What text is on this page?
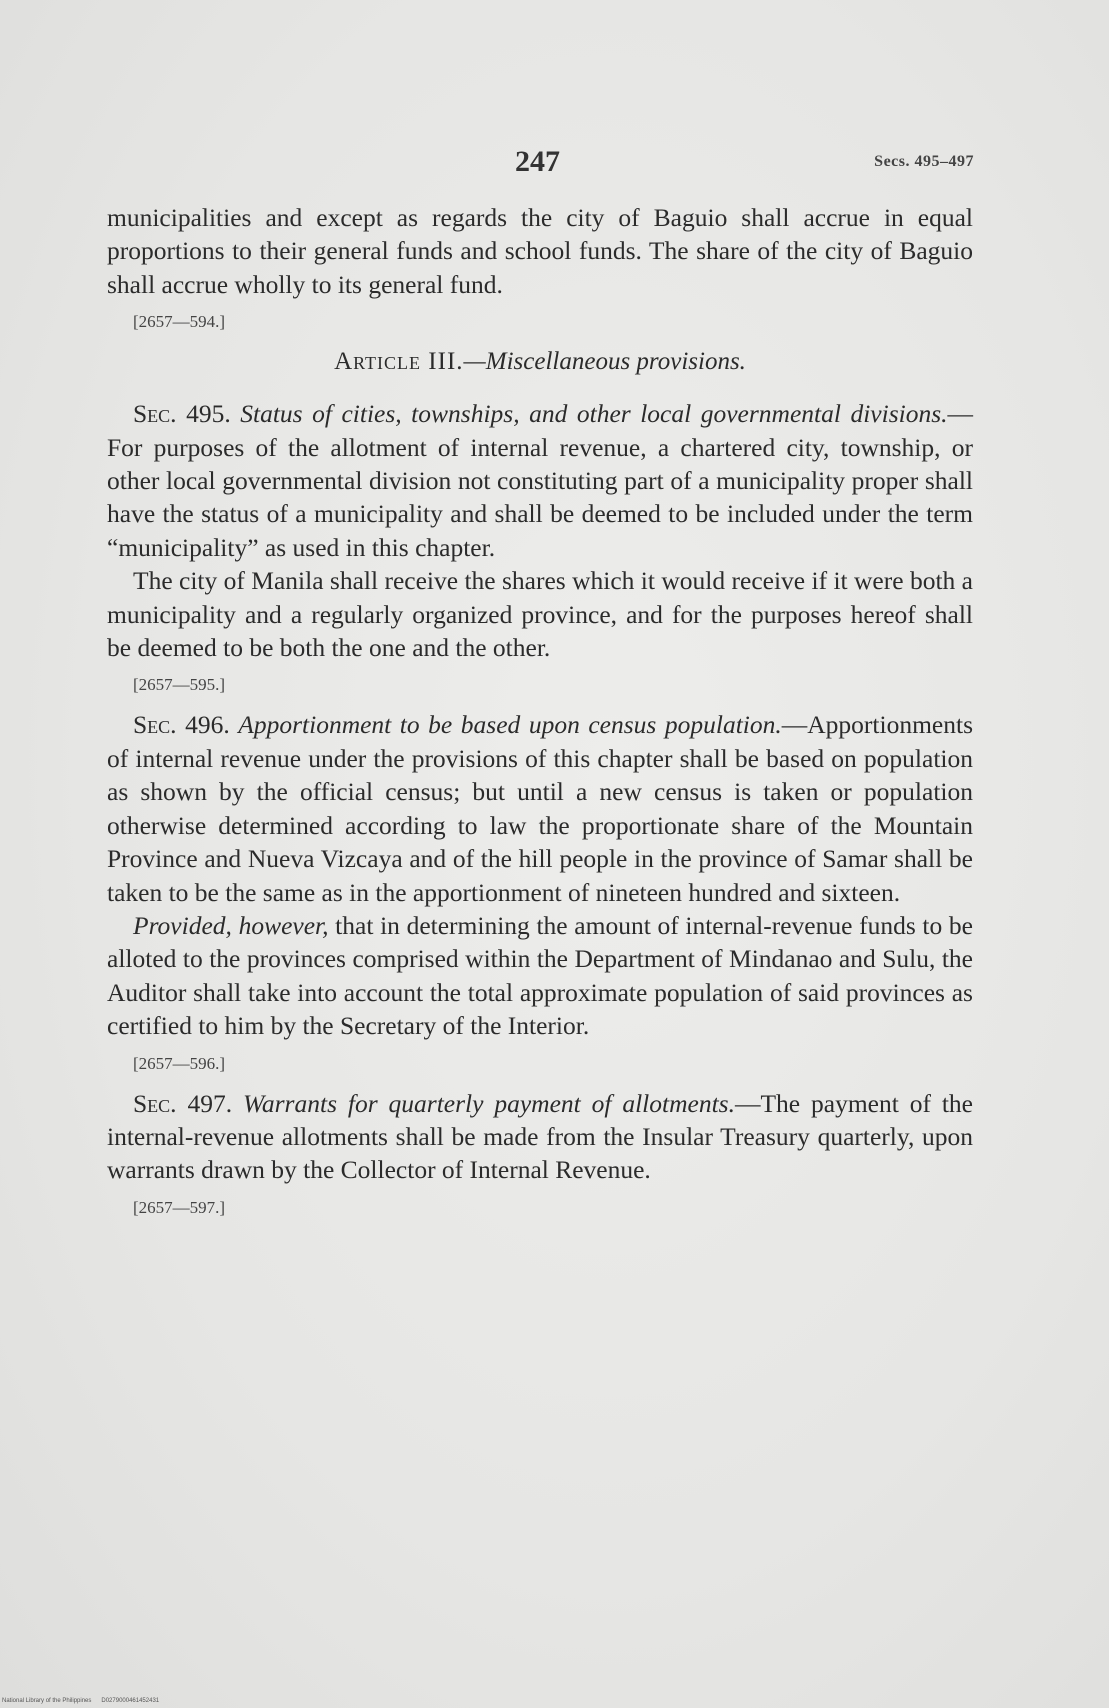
247	Secs. 495–497

municipalities and except as regards the city of Baguio shall accrue in equal proportions to their general funds and school funds. The share of the city of Baguio shall accrue wholly to its general fund.

[2657—594.]
Article III.—Miscellaneous provisions.

Sec. 495. Status of cities, townships, and other local governmental divisions.—For purposes of the allotment of internal revenue, a chartered city, township, or other local governmental division not constituting part of a municipality proper shall have the status of a municipality and shall be deemed to be included under the term “municipality” as used in this chapter.

The city of Manila shall receive the shares which it would receive if it were both a municipality and a regularly organized province, and for the purposes hereof shall be deemed to be both the one and the other.

[2657—595.]

Sec. 496. Apportionment to be based upon census population.—Apportionments of internal revenue under the provisions of this chapter shall be based on population as shown by the official census; but until a new census is taken or population otherwise determined according to law the proportionate share of the Mountain Province and Nueva Vizcaya and of the hill people in the province of Samar shall be taken to be the same as in the apportionment of nineteen hundred and sixteen.

Provided, however, that in determining the amount of internal-revenue funds to be alloted to the provinces comprised within the Department of Mindanao and Sulu, the Auditor shall take into account the total approximate population of said provinces as certified to him by the Secretary of the Interior.

[2657—596.]

Sec. 497. Warrants for quarterly payment of allotments.—The payment of the internal-revenue allotments shall be made from the Insular Treasury quarterly, upon warrants drawn by the Collector of Internal Revenue.

[2657—597.]
National Library of the Philippines D0279000461452431
